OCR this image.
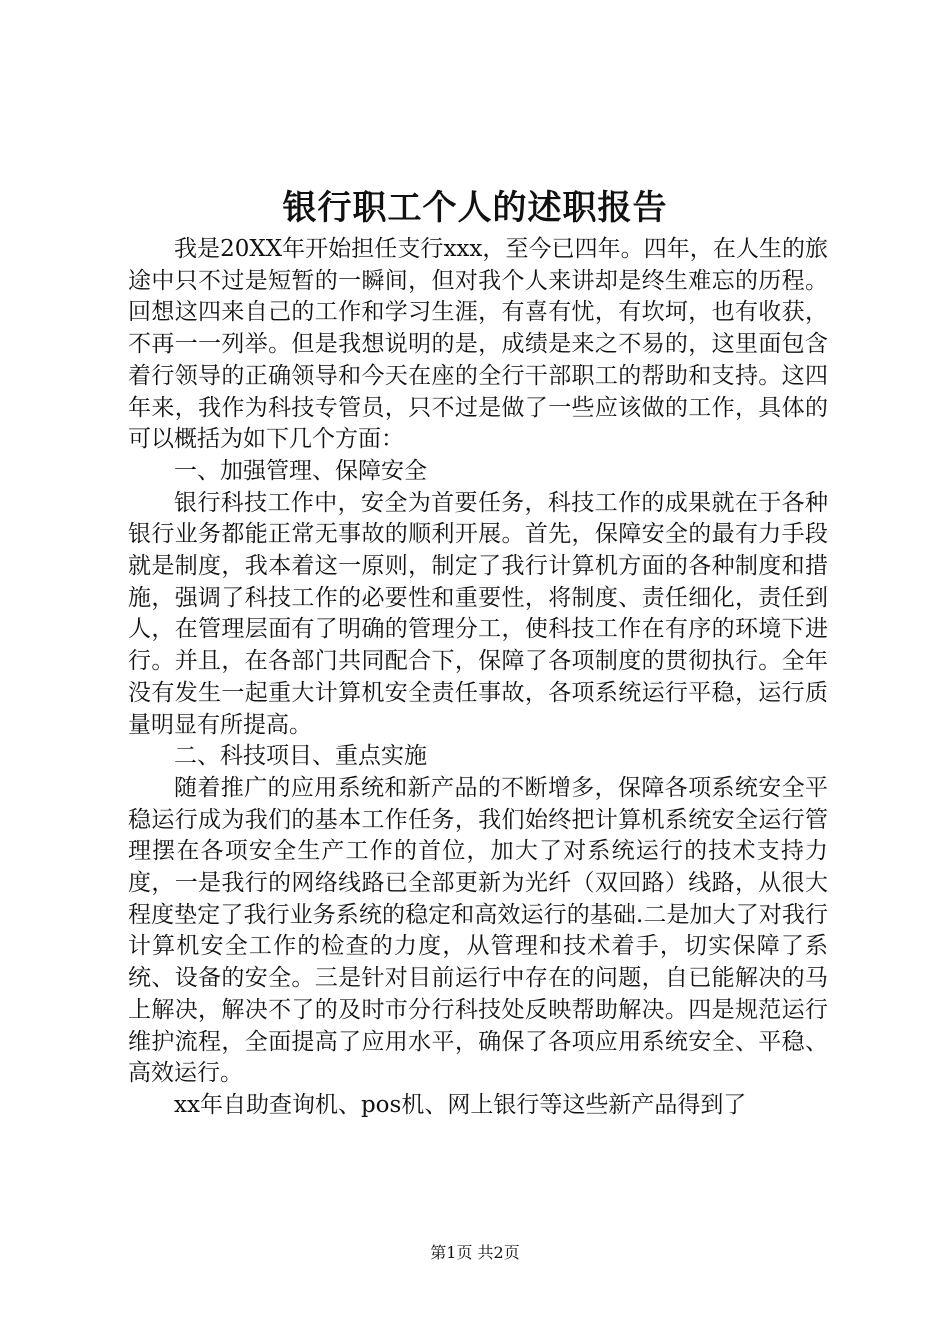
银行职工个人的述职报告

我是20XX年开始担任支行xxx，至今已四年。四年，在人生的旅途中只不过是短暂的一瞬间，但对我个人来讲却是终生难忘的历程。回想这四来自己的工作和学习生涯，有喜有忧，有坎坷，也有收获，不再一一列举。但是我想说明的是，成绩是来之不易的，这里面包含着行领导的正确领导和今天在座的全行干部职工的帮助和支持。这四年来，我作为科技专管员，只不过是做了一些应该做的工作，具体的可以概括为如下几个方面：

一、加强管理、保障安全

银行科技工作中，安全为首要任务，科技工作的成果就在于各种银行业务都能正常无事故的顺利开展。首先，保障安全的最有力手段就是制度，我本着这一原则，制定了我行计算机方面的各种制度和措施，强调了科技工作的必要性和重要性，将制度、责任细化，责任到人，在管理层面有了明确的管理分工，使科技工作在有序的环境下进行。并且，在各部门共同配合下，保障了各项制度的贯彻执行。全年没有发生一起重大计算机安全责任事故，各项系统运行平稳，运行质量明显有所提高。

二、科技项目、重点实施

随着推广的应用系统和新产品的不断增多，保障各项系统安全平稳运行成为我们的基本工作任务，我们始终把计算机系统安全运行管理摆在各项安全生产工作的首位，加大了对系统运行的技术支持力度，一是我行的网络线路已全部更新为光纤（双回路）线路，从很大程度垫定了我行业务系统的稳定和高效运行的基础.二是加大了对我行计算机安全工作的检查的力度，从管理和技术着手，切实保障了系统、设备的安全。三是针对目前运行中存在的问题，自已能解决的马上解决，解决不了的及时市分行科技处反映帮助解决。四是规范运行维护流程，全面提高了应用水平，确保了各项应用系统安全、平稳、高效运行。

xx年自助查询机、pos机、网上银行等这些新产品得到了

第1页 共2页
